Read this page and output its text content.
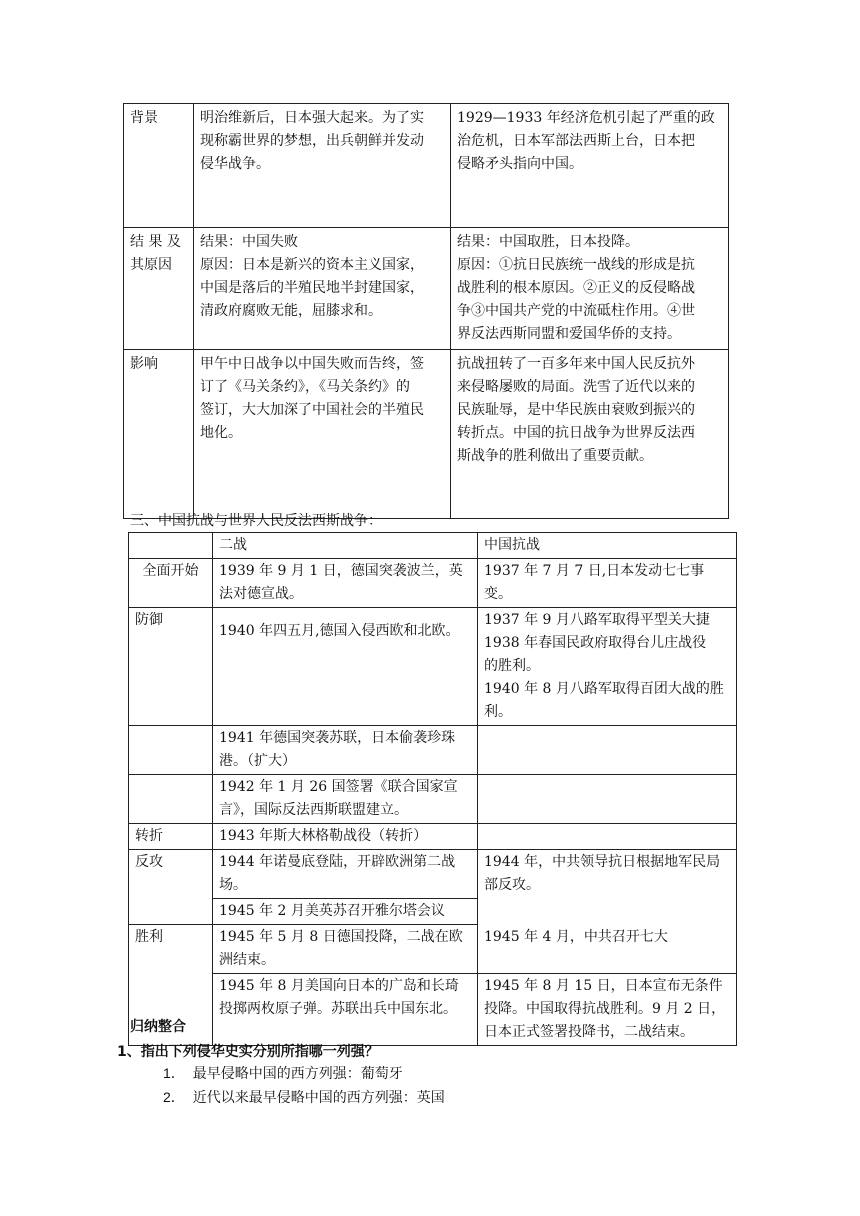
背景	明治维新后，日本强大起来。为了实
现称霸世界的梦想，出兵朝鲜并发动
侵华战争。	1929—1933 年经济危机引起了严重的政
治危机，日本军部法西斯上台，日本把
侵略矛头指向中国。

结 果 及
其原因	结果：中国失败
原因：日本是新兴的资本主义国家，
中国是落后的半殖民地半封建国家，
清政府腐败无能，屈膝求和。	结果：中国取胜，日本投降。
原因：①抗日民族统一战线的形成是抗
战胜利的根本原因。②正义的反侵略战
争③中国共产党的中流砥柱作用。④世
界反法西斯同盟和爱国华侨的支持。

影响	甲午中日战争以中国失败而告终，签
订了《马关条约》，《马关条约》的
签订，大大加深了中国社会的半殖民
地化。	抗战扭转了一百多年来中国人民反抗外
来侵略屡败的局面。洗雪了近代以来的
民族耻辱，是中华民族由衰败到振兴的
转折点。中国的抗日战争为世界反法西
斯战争的胜利做出了重要贡献。
三、中国抗战与世界人民反法西斯战争：
	二战	中国抗战
全面开始	1939 年 9 月 1 日，德国突袭波兰，英
法对德宣战。	1937 年 7 月 7 日,日本发动七七事变。

防御	1940 年四五月,德国入侵西欧和北欧。	1937 年 9 月八路军取得平型关大捷
1938 年春国民政府取得台儿庄战役
的胜利。
1940 年 8 月八路军取得百团大战的胜
利。

	1941 年德国突袭苏联，日本偷袭珍珠
港。（扩大）	

	1942 年 1 月 26 国签署《联合国家宣
言》，国际反法西斯联盟建立。	

转折	1943 年斯大林格勒战役（转折）	
反攻	1944 年诺曼底登陆，开辟欧洲第二战
场。	1944 年，中共领导抗日根据地军民局
部反攻。

	1945 年 2 月美英苏召开雅尔塔会议	
胜利	1945 年 5 月 8 日德国投降，二战在欧
洲结束。	1945 年 4 月，中共召开七大

	1945 年 8 月美国向日本的广岛和长琦
投掷两枚原子弹。苏联出兵中国东北。	1945 年 8 月 15 日，日本宣布无条件
投降。中国取得抗战胜利。9 月 2 日，
日本正式签署投降书，二战结束。
归纳整合
1、指出下列侵华史实分别所指哪一列强？
1． 最早侵略中国的西方列强：葡萄牙
2． 近代以来最早侵略中国的西方列强：英国
